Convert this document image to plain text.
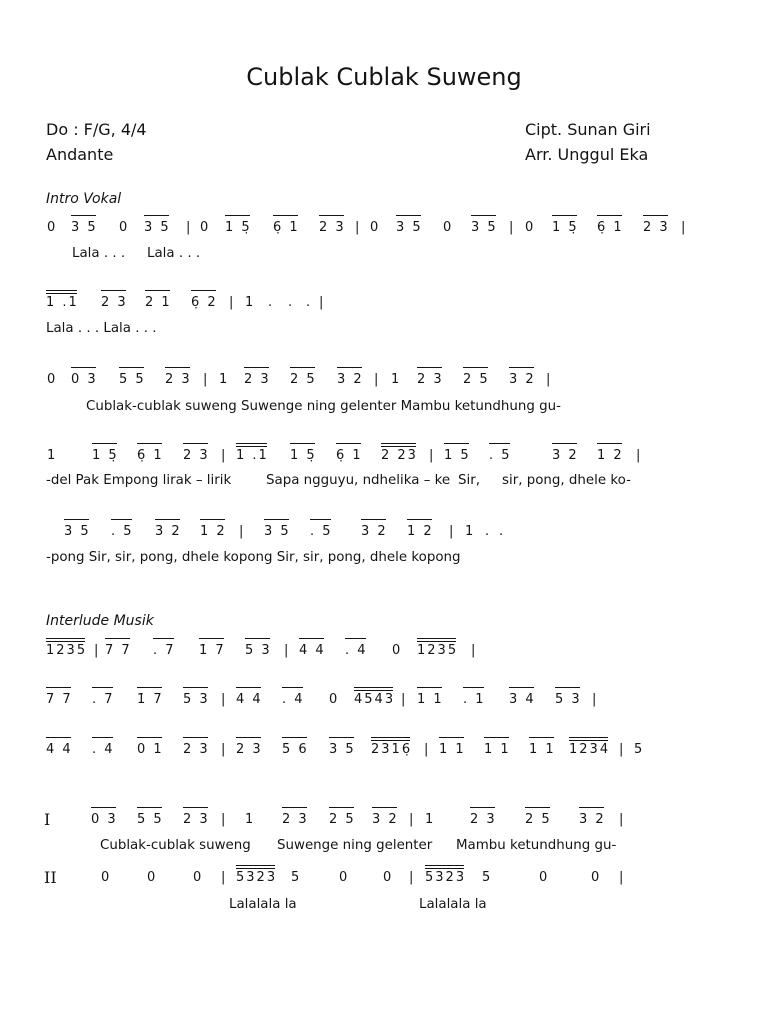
Cublak Cublak Suweng
Do : F/G, 4/4
Andante
Cipt. Sunan Giri
Arr. Unggul Eka
Intro Vokal
Interlude Musik
I
II
0 3 5 0 3 5 | 0 1 5̣ 6̣ 1 2 3 | 0 3 5 0 3 5 | 0 1 5̣ 6̣ 1 2 3 |
Lala . . . Lala . . .
1 .1 2 3 2 1 6̣ 2 | 1 . . . |
Lala . . . Lala . . .
0 0 3 5 5 2 3 | 1 2 3 2 5 3 2 | 1 2 3 2 5 3 2 |
Cublak-cublak suweng Suwenge ning gelenter Mambu ketundhung gu-
1	1 5̣ 6̣ 1 2 3 | 1 .1 1 5̣ 6̣ 1 2 23 | 1 5 . 5	3 2 1 2 |
-del Pak Empong lirak – lirik	Sapa ngguyu, ndhelika – ke Sir, sir, pong, dhele ko-
3 5 . 5 3 2 1 2 | 3 5 . 5 3 2 1 2 | 1 . .
-pong Sir, sir, pong, dhele kopong Sir, sir, pong, dhele kopong
1235 | 7 7 . 7 1̇ 7 5 3 | 4 4 . 4 0 1235 |
7 7 . 7 1̇ 7 5 3 | 4 4 . 4 0 4543 | 1 1 . 1 3 4 5 3 |
4 4 . 4 0 1 2 3 | 2 3 5 6 3 5 2316̣ | 1 1 1 1 1 1 1234 | 5
0 3 5 5 2 3 | 1 2 3 2 5 3 2 | 1	2 3 2 5 3 2 |
Cublak-cublak suweng Suwenge ning gelenter Mambu ketundhung gu-
0	0	0 | 5323 5	0	0 | 5323 5	0	0 |
Lalalala la	Lalalala la
